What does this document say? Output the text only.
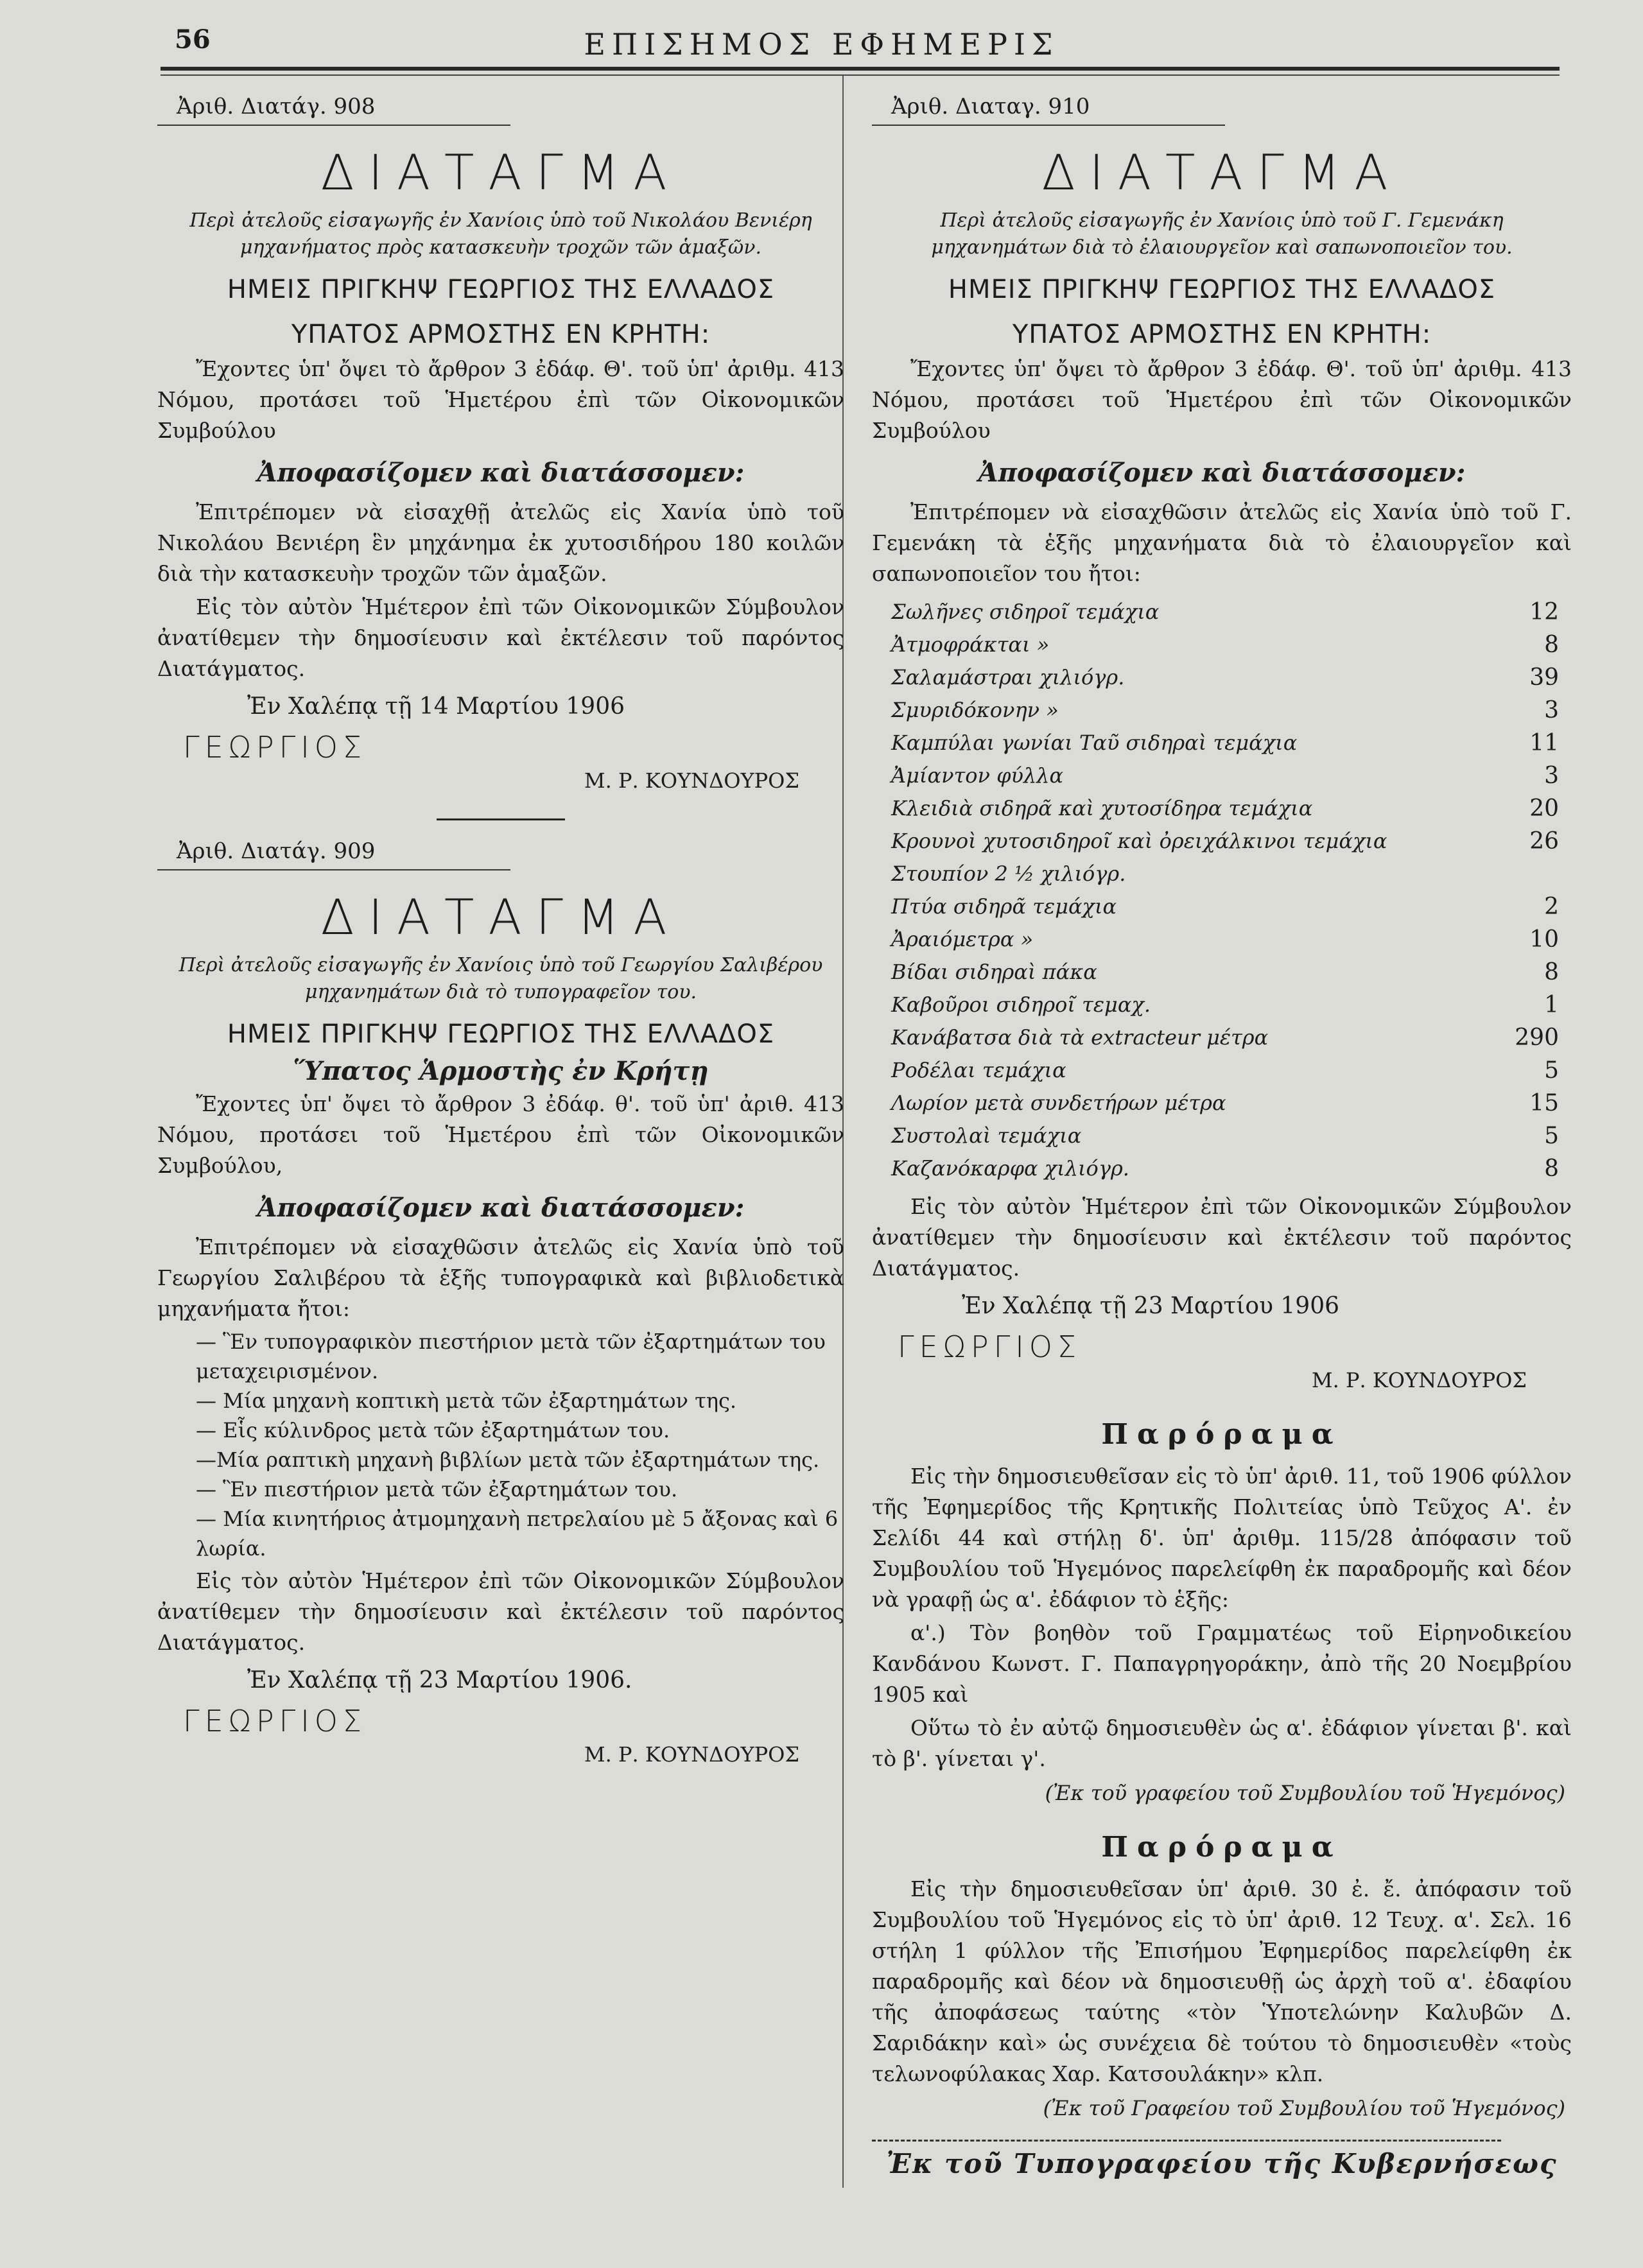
56	ΕΠΙΣΗΜΟΣ ΕΦΗΜΕΡΙΣ
Ἀριθ. Διατάγ. 908
ΔΙΑΤΑΓΜΑ
Περὶ ἀτελοῦς εἰσαγωγῆς ἐν Χανίοις ὑπὸ τοῦ Νικολάου Βενιέρη μηχανήματος πρὸς κατασκευὴν τροχῶν τῶν ἁμαξῶν.
ΗΜΕΙΣ ΠΡΙΓΚΗΨ ΓΕΩΡΓΙΟΣ ΤΗΣ ΕΛΛΑΔΟΣ
ΥΠΑΤΟΣ ΑΡΜΟΣΤΗΣ ΕΝ ΚΡΗΤΗ:
Ἔχοντες ὑπ' ὄψει τὸ ἄρθρον 3 ἐδάφ. Θ'. τοῦ ὑπ' ἀριθμ. 413 Νόμου, προτάσει τοῦ Ἡμετέρου ἐπὶ τῶν Οἰκονομικῶν Συμβούλου
Ἀποφασίζομεν καὶ διατάσσομεν:
Ἐπιτρέπομεν νὰ εἰσαχθῇ ἀτελῶς εἰς Χανία ὑπὸ τοῦ Νικολάου Βενιέρη ἓν μηχάνημα ἐκ χυτοσιδήρου 180 κοιλῶν διὰ τὴν κατασκευὴν τροχῶν τῶν ἁμαξῶν.
Εἰς τὸν αὐτὸν Ἡμέτερον ἐπὶ τῶν Οἰκονομικῶν Σύμβουλον ἀνατίθεμεν τὴν δημοσίευσιν καὶ ἐκτέλεσιν τοῦ παρόντος Διατάγματος.
Ἐν Χαλέπᾳ τῇ 14 Μαρτίου 1906
ΓΕΩΡΓΙΟΣ
Μ. Ρ. ΚΟΥΝΔΟΥΡΟΣ
Ἀριθ. Διατάγ. 909
ΔΙΑΤΑΓΜΑ
Περὶ ἀτελοῦς εἰσαγωγῆς ἐν Χανίοις ὑπὸ τοῦ Γεωργίου Σαλιβέρου μηχανημάτων διὰ τὸ τυπογραφεῖον του.
ΗΜΕΙΣ ΠΡΙΓΚΗΨ ΓΕΩΡΓΙΟΣ ΤΗΣ ΕΛΛΑΔΟΣ
Ὕπατος Ἁρμοστὴς ἐν Κρήτῃ
Ἔχοντες ὑπ' ὄψει τὸ ἄρθρον 3 ἐδάφ. θ'. τοῦ ὑπ' ἀριθ. 413 Νόμου, προτάσει τοῦ Ἡμετέρου ἐπὶ τῶν Οἰκονομικῶν Συμβούλου,
Ἀποφασίζομεν καὶ διατάσσομεν:
Ἐπιτρέπομεν νὰ εἰσαχθῶσιν ἀτελῶς εἰς Χανία ὑπὸ τοῦ Γεωργίου Σαλιβέρου τὰ ἑξῆς τυπογραφικὰ καὶ βιβλιοδετικὰ μηχανήματα ἤτοι:
— Ἓν τυπογραφικὸν πιεστήριον μετὰ τῶν ἐξαρτημάτων του μεταχειρισμένον.
— Μία μηχανὴ κοπτικὴ μετὰ τῶν ἐξαρτημάτων της.
— Εἷς κύλινδρος μετὰ τῶν ἐξαρτημάτων του.
—Μία ραπτικὴ μηχανὴ βιβλίων μετὰ τῶν ἐξαρτημάτων της.
— Ἓν πιεστήριον μετὰ τῶν ἐξαρτημάτων του.
— Μία κινητήριος ἀτμομηχανὴ πετρελαίου μὲ 5 ἄξονας καὶ 6 λωρία.
Εἰς τὸν αὐτὸν Ἡμέτερον ἐπὶ τῶν Οἰκονομικῶν Σύμβουλον ἀνατίθεμεν τὴν δημοσίευσιν καὶ ἐκτέλεσιν τοῦ παρόντος Διατάγματος.
Ἐν Χαλέπᾳ τῇ 23 Μαρτίου 1906.
ΓΕΩΡΓΙΟΣ
Μ. Ρ. ΚΟΥΝΔΟΥΡΟΣ
Ἀριθ. Διαταγ. 910
ΔΙΑΤΑΓΜΑ
Περὶ ἀτελοῦς εἰσαγωγῆς ἐν Χανίοις ὑπὸ τοῦ Γ. Γεμενάκη μηχανημάτων διὰ τὸ ἐλαιουργεῖον καὶ σαπωνοποιεῖον του.
ΗΜΕΙΣ ΠΡΙΓΚΗΨ ΓΕΩΡΓΙΟΣ ΤΗΣ ΕΛΛΑΔΟΣ
ΥΠΑΤΟΣ ΑΡΜΟΣΤΗΣ ΕΝ ΚΡΗΤΗ:
Ἔχοντες ὑπ' ὄψει τὸ ἄρθρον 3 ἐδάφ. Θ'. τοῦ ὑπ' ἀριθμ. 413 Νόμου, προτάσει τοῦ Ἡμετέρου ἐπὶ τῶν Οἰκονομικῶν Συμβούλου
Ἀποφασίζομεν καὶ διατάσσομεν:
Ἐπιτρέπομεν νὰ εἰσαχθῶσιν ἀτελῶς εἰς Χανία ὑπὸ τοῦ Γ. Γεμενάκη τὰ ἑξῆς μηχανήματα διὰ τὸ ἐλαιουργεῖον καὶ σαπωνοποιεῖον του ἤτοι:
Σωλῆνες σιδηροῖ τεμάχια	12
Ἀτμοφράκται »	8
Σαλαμάστραι χιλιόγρ.	39
Σμυριδόκονην »	3
Καμπύλαι γωνίαι Ταῦ σιδηραὶ τεμάχια	11
Ἀμίαντον φύλλα	3
Κλειδιὰ σιδηρᾶ καὶ χυτοσίδηρα τεμάχια	20
Κρουνοὶ χυτοσιδηροῖ καὶ ὀρειχάλκινοι τεμάχια	26
Στουπίον 2 ½ χιλιόγρ.
Πτύα σιδηρᾶ τεμάχια	2
Ἀραιόμετρα »	10
Βίδαι σιδηραὶ πάκα	8
Καβοῦροι σιδηροῖ τεμαχ.	1
Κανάβατσα διὰ τὰ extracteur μέτρα	290
Ροδέλαι τεμάχια	5
Λωρίον μετὰ συνδετήρων μέτρα	15
Συστολαὶ τεμάχια	5
Καζανόκαρφα χιλιόγρ.	8
Εἰς τὸν αὐτὸν Ἡμέτερον ἐπὶ τῶν Οἰκονομικῶν Σύμβουλον ἀνατίθεμεν τὴν δημοσίευσιν καὶ ἐκτέλεσιν τοῦ παρόντος Διατάγματος.
Ἐν Χαλέπᾳ τῇ 23 Μαρτίου 1906
ΓΕΩΡΓΙΟΣ
Μ. Ρ. ΚΟΥΝΔΟΥΡΟΣ
Παρόραμα
Εἰς τὴν δημοσιευθεῖσαν εἰς τὸ ὑπ' ἀριθ. 11, τοῦ 1906 φύλλον τῆς Ἐφημερίδος τῆς Κρητικῆς Πολιτείας ὑπὸ Τεῦχος Α'. ἐν Σελίδι 44 καὶ στήλῃ δ'. ὑπ' ἀριθμ. 115/28 ἀπόφασιν τοῦ Συμβουλίου τοῦ Ἡγεμόνος παρελείφθη ἐκ παραδρομῆς καὶ δέον νὰ γραφῇ ὡς α'. ἐδάφιον τὸ ἑξῆς:
α'.) Τὸν βοηθὸν τοῦ Γραμματέως τοῦ Εἰρηνοδικείου Κανδάνου Κωνστ. Γ. Παπαγρηγοράκην, ἀπὸ τῆς 20 Νοεμβρίου 1905 καὶ
Οὕτω τὸ ἐν αὐτῷ δημοσιευθὲν ὡς α'. ἐδάφιον γίνεται β'. καὶ τὸ β'. γίνεται γ'.
(Ἐκ τοῦ γραφείου τοῦ Συμβουλίου τοῦ Ἡγεμόνος)
Παρόραμα
Εἰς τὴν δημοσιευθεῖσαν ὑπ' ἀριθ. 30 ἐ. ἔ. ἀπόφασιν τοῦ Συμβουλίου τοῦ Ἡγεμόνος εἰς τὸ ὑπ' ἀριθ. 12 Τευχ. α'. Σελ. 16 στήλη 1 φύλλον τῆς Ἐπισήμου Ἐφημερίδος παρελείφθη ἐκ παραδρομῆς καὶ δέον νὰ δημοσιευθῇ ὡς ἀρχὴ τοῦ α'. ἐδαφίου τῆς ἀποφάσεως ταύτης «τὸν Ὑποτελώνην Καλυβῶν Δ. Σαριδάκην καὶ» ὡς συνέχεια δὲ τούτου τὸ δημοσιευθὲν «τοὺς τελωνοφύλακας Χαρ. Κατσουλάκην» κλπ.
(Ἐκ τοῦ Γραφείου τοῦ Συμβουλίου τοῦ Ἡγεμόνος)
Ἐκ τοῦ Τυπογραφείου τῆς Κυβερνήσεως
